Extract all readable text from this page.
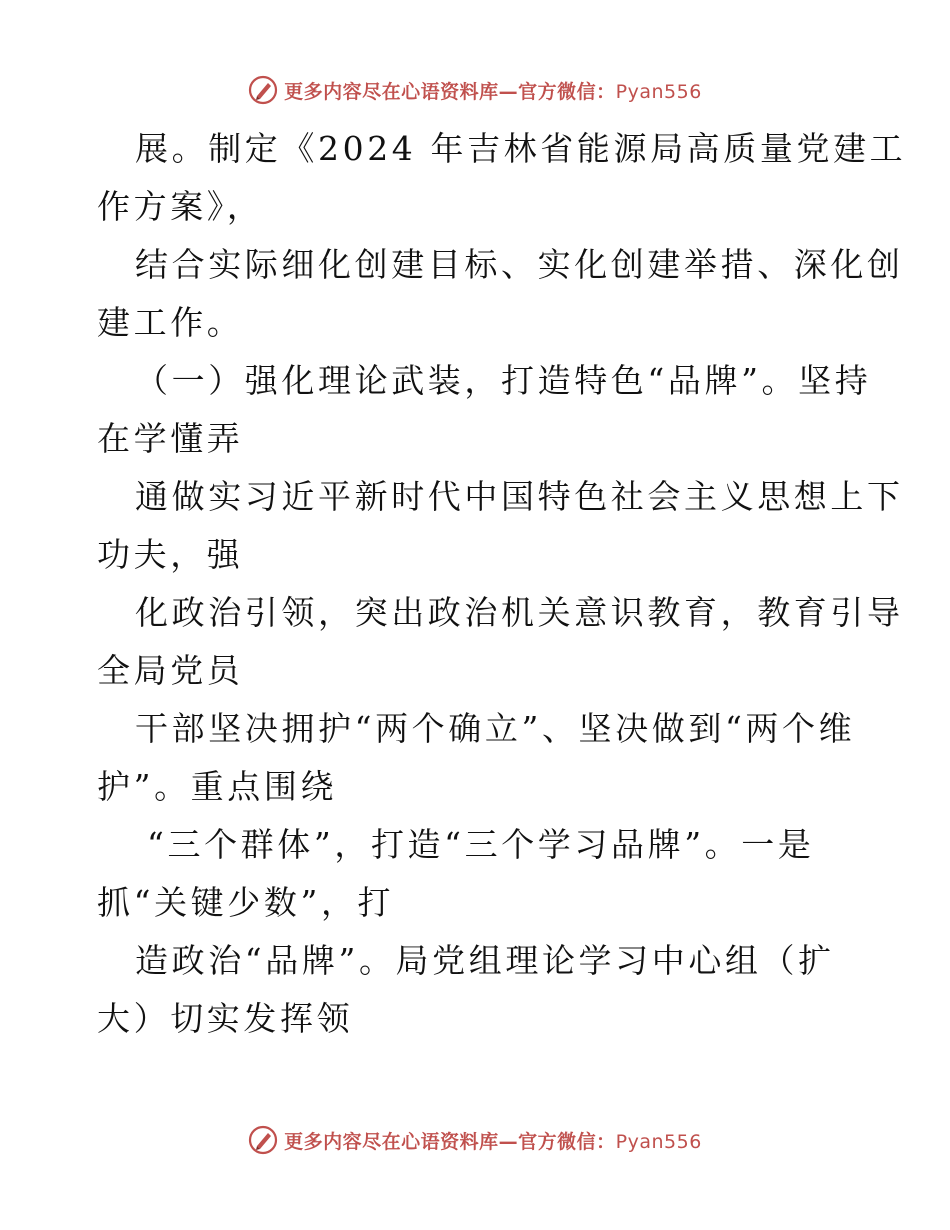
更多内容尽在心语资料库—官方微信：Pyan556
展。制定《2024 年吉林省能源局高质量党建工
作方案》，
结合实际细化创建目标、实化创建举措、深化创
建工作。
（一）强化理论武装，打造特色“品牌”。坚持
在学懂弄
通做实习近平新时代中国特色社会主义思想上下
功夫，强
化政治引领，突出政治机关意识教育，教育引导
全局党员
干部坚决拥护“两个确立”、坚决做到“两个维
护”。重点围绕
“三个群体”，打造“三个学习品牌”。一是
抓“关键少数”，打
造政治“品牌”。局党组理论学习中心组（扩
大）切实发挥领
更多内容尽在心语资料库—官方微信：Pyan556
